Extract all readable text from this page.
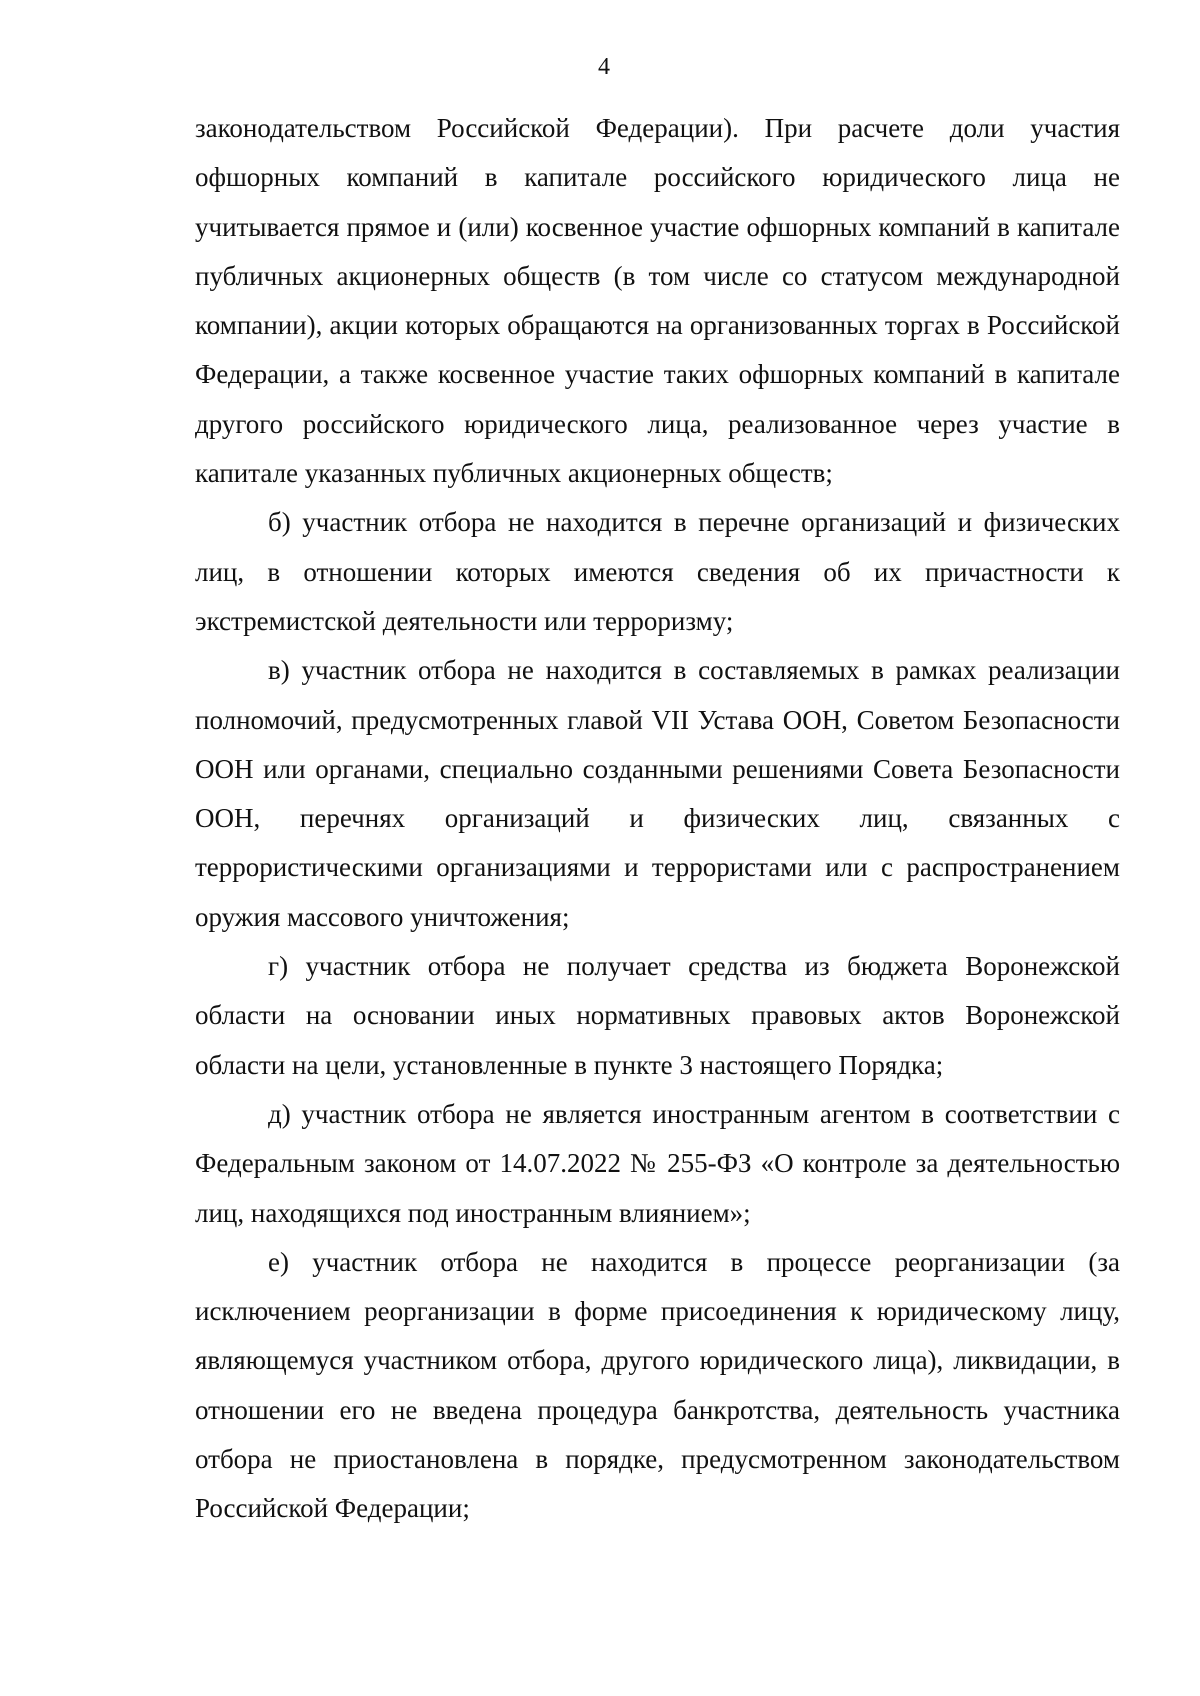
4

законодательством Российской Федерации). При расчете доли участия офшорных компаний в капитале российского юридического лица не учитывается прямое и (или) косвенное участие офшорных компаний в капитале публичных акционерных обществ (в том числе со статусом международной компании), акции которых обращаются на организованных торгах в Российской Федерации, а также косвенное участие таких офшорных компаний в капитале другого российского юридического лица, реализованное через участие в капитале указанных публичных акционерных обществ;

б) участник отбора не находится в перечне организаций и физических лиц, в отношении которых имеются сведения об их причастности к экстремистской деятельности или терроризму;

в) участник отбора не находится в составляемых в рамках реализации полномочий, предусмотренных главой VII Устава ООН, Советом Безопасности ООН или органами, специально созданными решениями Совета Безопасности ООН, перечнях организаций и физических лиц, связанных с террористическими организациями и террористами или с распространением оружия массового уничтожения;

г) участник отбора не получает средства из бюджета Воронежской области на основании иных нормативных правовых актов Воронежской области на цели, установленные в пункте 3 настоящего Порядка;

д) участник отбора не является иностранным агентом в соответствии с Федеральным законом от 14.07.2022 № 255-ФЗ «О контроле за деятельностью лиц, находящихся под иностранным влиянием»;

е) участник отбора не находится в процессе реорганизации (за исключением реорганизации в форме присоединения к юридическому лицу, являющемуся участником отбора, другого юридического лица), ликвидации, в отношении его не введена процедура банкротства, деятельность участника отбора не приостановлена в порядке, предусмотренном законодательством Российской Федерации;
